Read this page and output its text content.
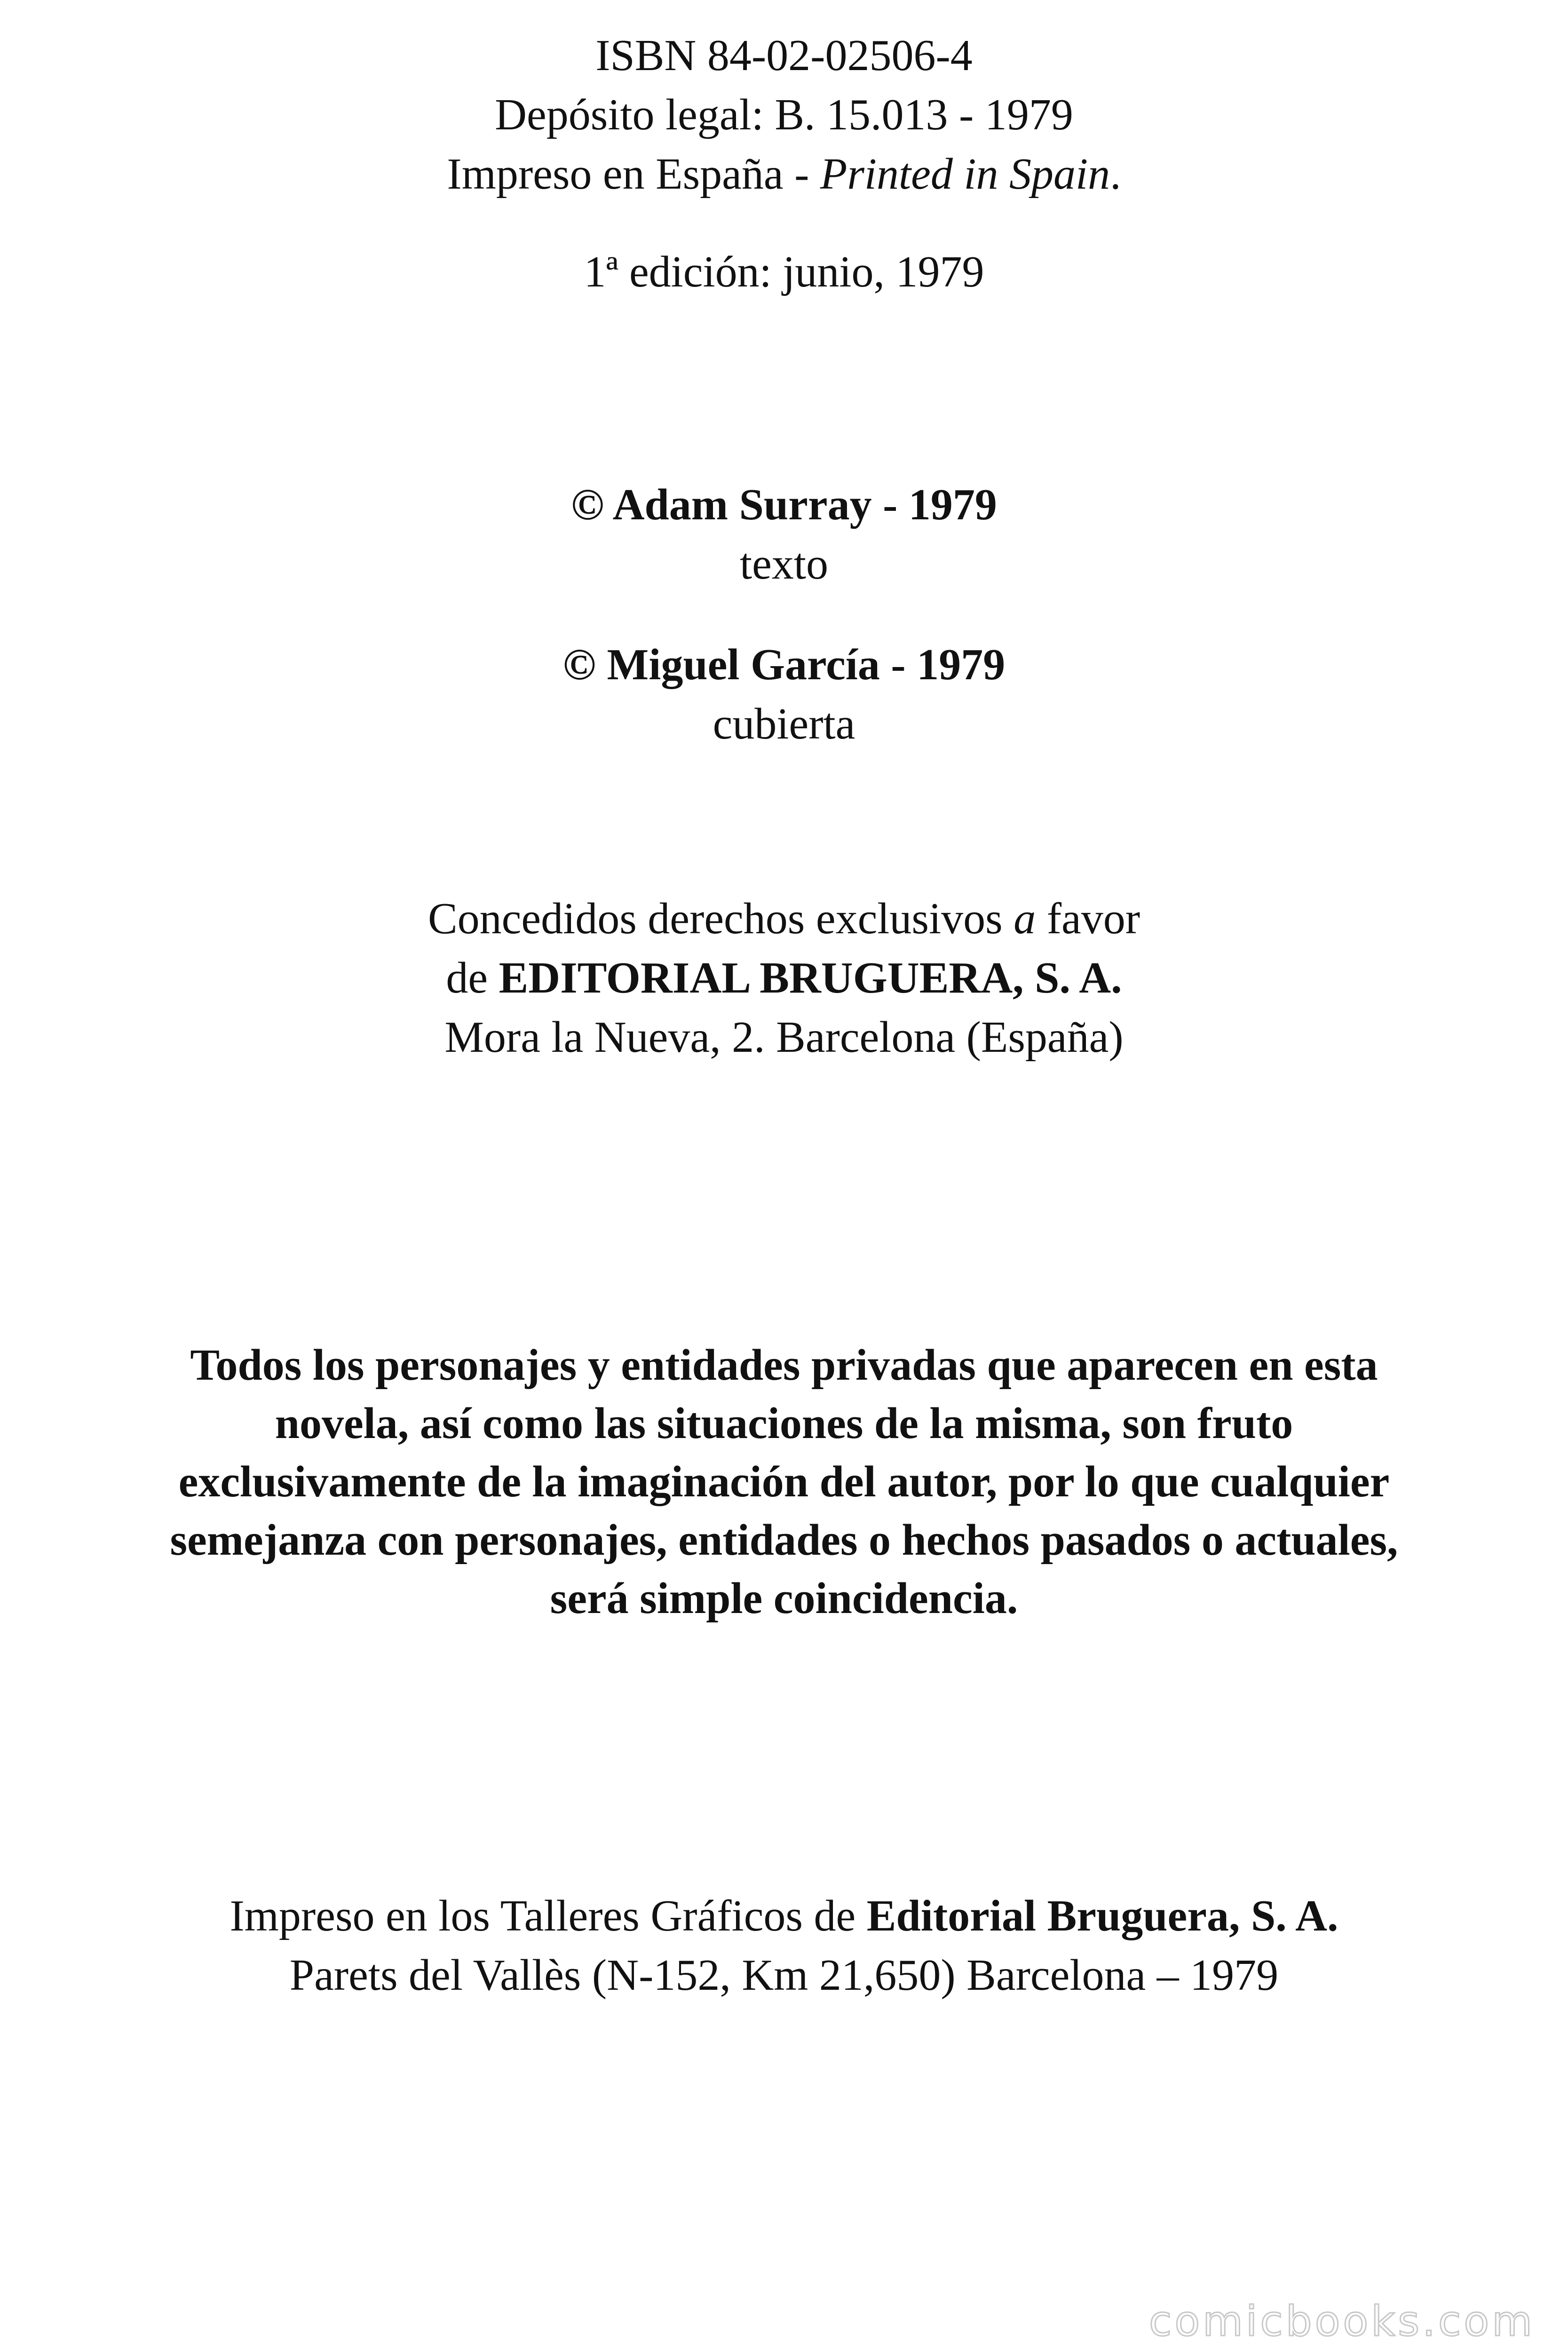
ISBN 84-02-02506-4
Depósito legal: B. 15.013 - 1979
Impreso en España - Printed in Spain.
1ª edición: junio, 1979
© Adam Surray - 1979
texto
© Miguel García - 1979
cubierta
Concedidos derechos exclusivos a favor
de EDITORIAL BRUGUERA, S. A.
Mora la Nueva, 2. Barcelona (España)
Todos los personajes y entidades privadas que aparecen en esta
novela, así como las situaciones de la misma, son fruto
exclusivamente de la imaginación del autor, por lo que cualquier
semejanza con personajes, entidades o hechos pasados o actuales,
será simple coincidencia.
Impreso en los Talleres Gráficos de Editorial Bruguera, S. A.
Parets del Vallès (N-152, Km 21,650) Barcelona – 1979
comicbooks.com
